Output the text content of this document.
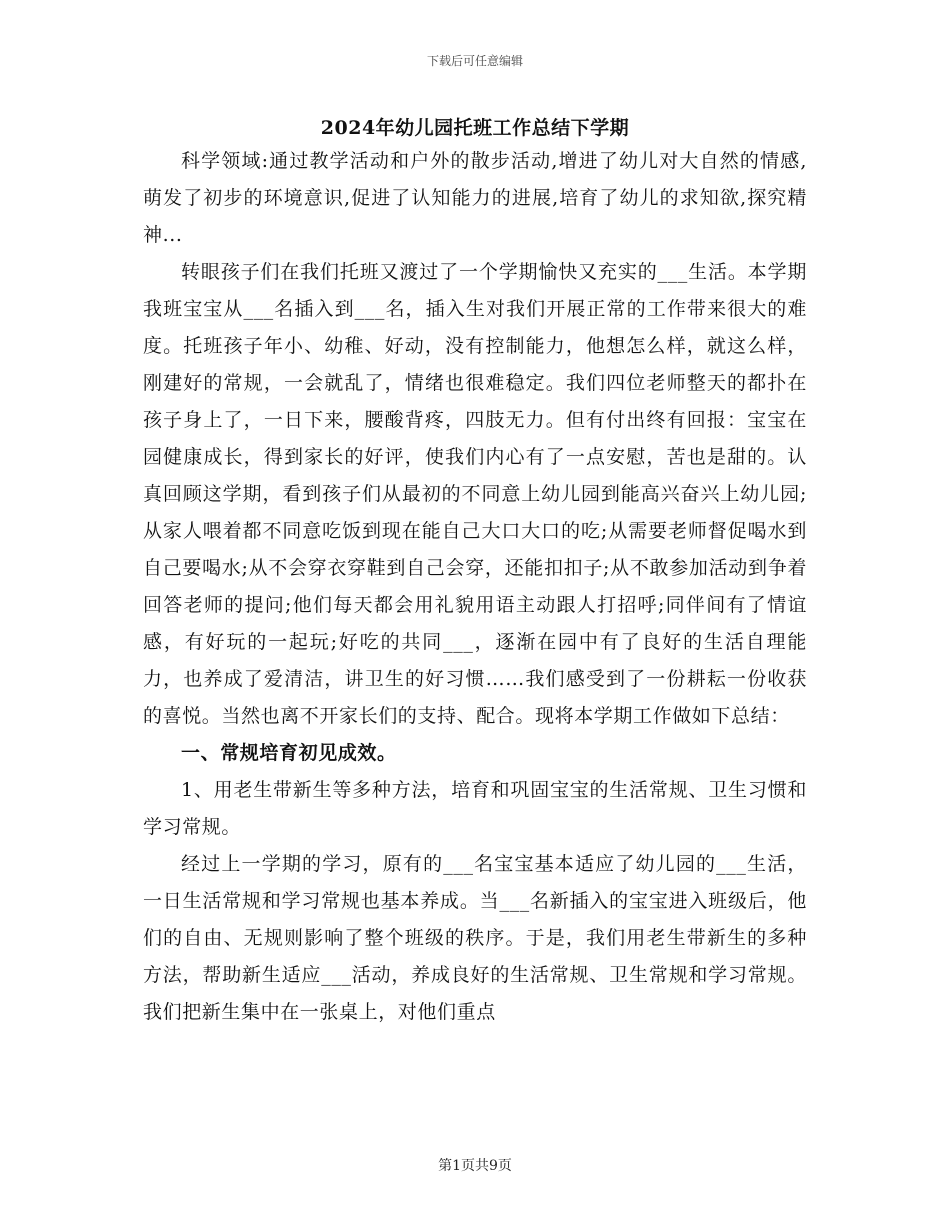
下载后可任意编辑
2024年幼儿园托班工作总结下学期

科学领域:通过教学活动和户外的散步活动,增进了幼儿对大自然的情感,萌发了初步的环境意识,促进了认知能力的进展,培育了幼儿的求知欲,探究精神...

转眼孩子们在我们托班又渡过了一个学期愉快又充实的___生活。本学期我班宝宝从___名插入到___名，插入生对我们开展正常的工作带来很大的难度。托班孩子年小、幼稚、好动，没有控制能力，他想怎么样，就这么样，刚建好的常规，一会就乱了，情绪也很难稳定。我们四位老师整天的都扑在孩子身上了，一日下来，腰酸背疼，四肢无力。但有付出终有回报：宝宝在园健康成长，得到家长的好评，使我们内心有了一点安慰，苦也是甜的。认真回顾这学期，看到孩子们从最初的不同意上幼儿园到能高兴奋兴上幼儿园;从家人喂着都不同意吃饭到现在能自己大口大口的吃;从需要老师督促喝水到自己要喝水;从不会穿衣穿鞋到自己会穿，还能扣扣子;从不敢参加活动到争着回答老师的提问;他们每天都会用礼貌用语主动跟人打招呼;同伴间有了情谊感，有好玩的一起玩;好吃的共同___，逐渐在园中有了良好的生活自理能力，也养成了爱清洁，讲卫生的好习惯……我们感受到了一份耕耘一份收获的喜悦。当然也离不开家长们的支持、配合。现将本学期工作做如下总结：

一、常规培育初见成效。

1、用老生带新生等多种方法，培育和巩固宝宝的生活常规、卫生习惯和学习常规。

经过上一学期的学习，原有的___名宝宝基本适应了幼儿园的___生活，一日生活常规和学习常规也基本养成。当___名新插入的宝宝进入班级后，他们的自由、无规则影响了整个班级的秩序。于是，我们用老生带新生的多种方法，帮助新生适应___活动，养成良好的生活常规、卫生常规和学习常规。我们把新生集中在一张桌上，对他们重点

第1页共9页
